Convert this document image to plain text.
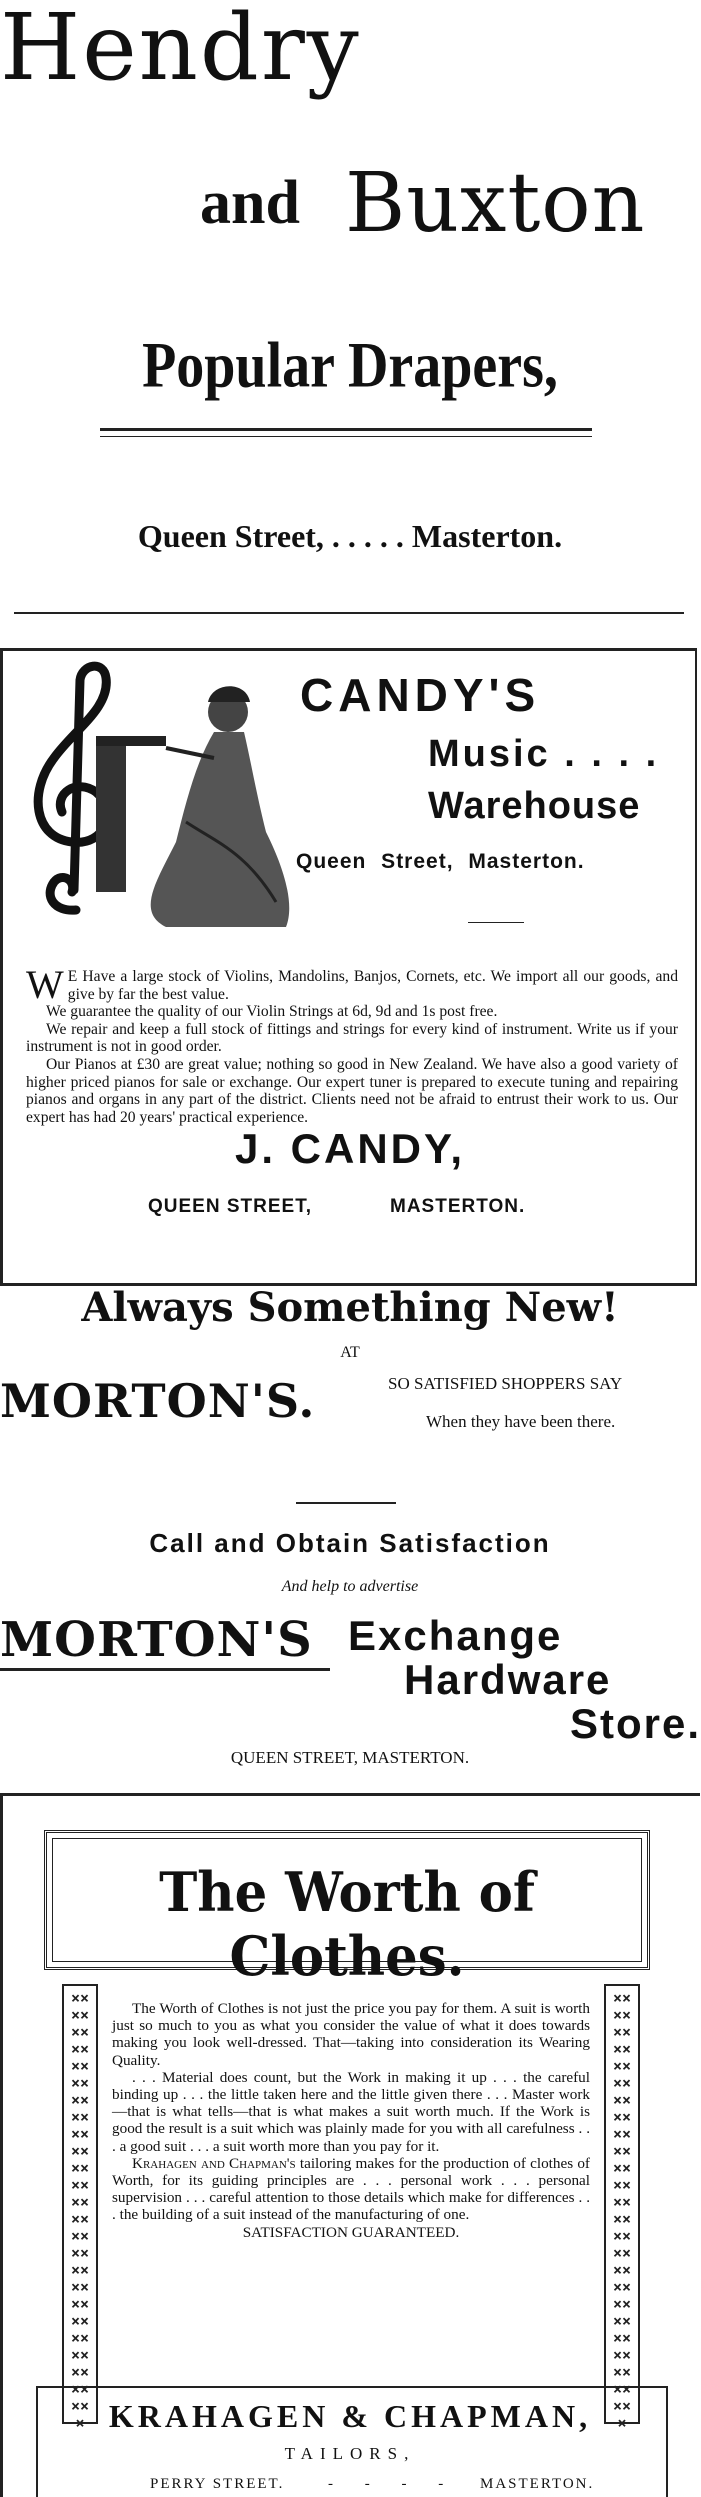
Hendry
and Buxton
Popular Drapers,
Queen Street, . . . . . Masterton.
CANDY'S
Music . . . .
Warehouse
Queen Street, Masterton.

W E Have a large stock of Violins, Mandolins, Banjos, Cornets, etc. We import all our goods, and give by far the best value.

We guarantee the quality of our Violin Strings at 6d, 9d and 1s post free.

We repair and keep a full stock of fittings and strings for every kind of instrument. Write us if your instrument is not in good order.

Our Pianos at £30 are great value; nothing so good in New Zealand. We have also a good variety of higher priced pianos for sale or exchange. Our expert tuner is prepared to execute tuning and repairing pianos and organs in any part of the district. Clients need not be afraid to entrust their work to us. Our expert has had 20 years' practical experience.

J. CANDY,
QUEEN STREET,	MASTERTON.
Always Something New!
AT
MORTON'S.	SO SATISFIED SHOPPERS SAY
When they have been there.
Call and Obtain Satisfaction
And help to advertise
MORTON'S Exchange
Hardware
Store.
QUEEN STREET, MASTERTON.
The Worth of Clothes.
×××××××××××××××××××××××××××××××××××××××××××××××××××
×××××××××××××××××××××××××××××××××××××××××××××××××××

The Worth of Clothes is not just the price you pay for them. A suit is worth just so much to you as what you consider the value of what it does towards making you look well-dressed. That—taking into consideration its Wearing Quality.

. . . Material does count, but the Work in making it up . . . the careful binding up . . . the little taken here and the little given there . . . Master work—that is what tells—that is what makes a suit worth much. If the Work is good the result is a suit which was plainly made for you with all carefulness . . . a good suit . . . a suit worth more than you pay for it.

Krahagen and Chapman's tailoring makes for the production of clothes of Worth, for its guiding principles are . . . personal work . . . personal supervision . . . careful attention to those details which make for differences . . . the building of a suit instead of the manufacturing of one.

SATISFACTION GUARANTEED.

KRAHAGEN & CHAPMAN,
TAILORS,
PERRY STREET.	- - - - MASTERTON.
